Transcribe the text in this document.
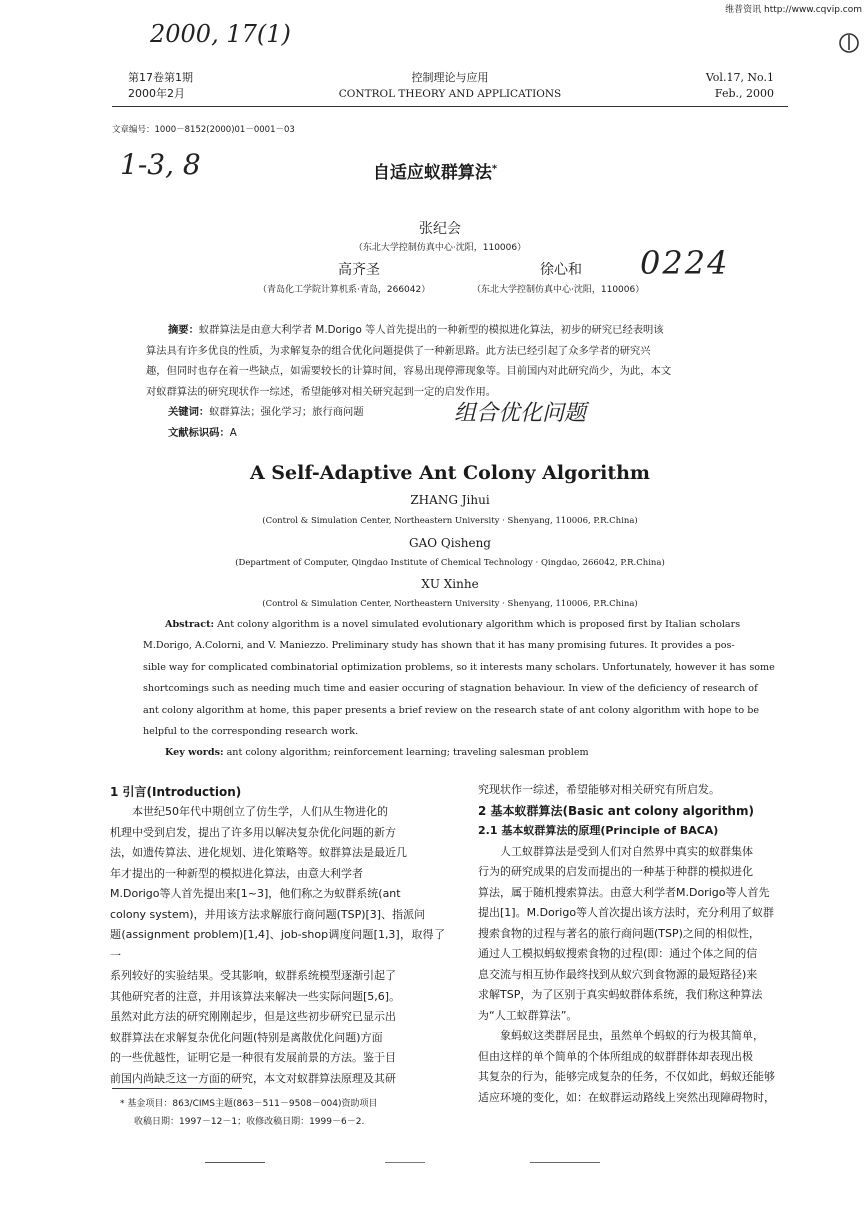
维普资讯 http://www.cqvip.com
2000, 17(1)
1-3, 8
0224
组合优化问题
第17卷第1期
2000年2月
控制理论与应用
CONTROL THEORY AND APPLICATIONS
Vol.17, No.1
Feb., 2000
文章编号：1000－8152(2000)01－0001－03
自适应蚁群算法*
张纪会
（东北大学控制仿真中心·沈阳，110006）
高齐圣	徐心和
（青岛化工学院计算机系·青岛，266042）	（东北大学控制仿真中心·沈阳，110006）
摘要：蚁群算法是由意大利学者 M.Dorigo 等人首先提出的一种新型的模拟进化算法，初步的研究已经表明该
算法具有许多优良的性质，为求解复杂的组合优化问题提供了一种新思路。此方法已经引起了众多学者的研究兴
趣，但同时也存在着一些缺点，如需要较长的计算时间，容易出现停滞现象等。目前国内对此研究尚少，为此，本文
对蚁群算法的研究现状作一综述，希望能够对相关研究起到一定的启发作用。
关键词：蚁群算法；强化学习；旅行商问题
文献标识码：A
A Self-Adaptive Ant Colony Algorithm
ZHANG Jihui
(Control & Simulation Center, Northeastern University · Shenyang, 110006, P.R.China)
GAO Qisheng
(Department of Computer, Qingdao Institute of Chemical Technology · Qingdao, 266042, P.R.China)
XU Xinhe
(Control & Simulation Center, Northeastern University · Shenyang, 110006, P.R.China)
Abstract: Ant colony algorithm is a novel simulated evolutionary algorithm which is proposed first by Italian scholars
M.Dorigo, A.Colorni, and V. Maniezzo. Preliminary study has shown that it has many promising futures. It provides a pos-
sible way for complicated combinatorial optimization problems, so it interests many scholars. Unfortunately, however it has some
shortcomings such as needing much time and easier occuring of stagnation behaviour. In view of the deficiency of research of
ant colony algorithm at home, this paper presents a brief review on the research state of ant colony algorithm with hope to be
helpful to the corresponding research work.
Key words: ant colony algorithm; reinforcement learning; traveling salesman problem
1 引言(Introduction)
本世纪50年代中期创立了仿生学，人们从生物进化的
机理中受到启发，提出了许多用以解决复杂优化问题的新方
法，如遗传算法、进化规划、进化策略等。蚁群算法是最近几
年才提出的一种新型的模拟进化算法，由意大利学者
M.Dorigo等人首先提出来[1~3]，他们称之为蚁群系统(ant
colony system)，并用该方法求解旅行商问题(TSP)[3]、指派问
题(assignment problem)[1,4]、job-shop调度问题[1,3]，取得了一
系列较好的实验结果。受其影响，蚁群系统模型逐渐引起了
其他研究者的注意，并用该算法来解决一些实际问题[5,6]。
虽然对此方法的研究刚刚起步，但是这些初步研究已显示出
蚁群算法在求解复杂优化问题(特别是离散优化问题)方面
的一些优越性，证明它是一种很有发展前景的方法。鉴于目
前国内尚缺乏这一方面的研究，本文对蚁群算法原理及其研
* 基金项目：863/CIMS主题(863－511－9508－004)资助项目
收稿日期：1997－12－1；收修改稿日期：1999－6－2.
究现状作一综述，希望能够对相关研究有所启发。
2 基本蚁群算法(Basic ant colony algorithm)
2.1 基本蚁群算法的原理(Principle of BACA)
人工蚁群算法是受到人们对自然界中真实的蚁群集体
行为的研究成果的启发而提出的一种基于种群的模拟进化
算法，属于随机搜索算法。由意大利学者M.Dorigo等人首先
提出[1]。M.Dorigo等人首次提出该方法时，充分利用了蚁群
搜索食物的过程与著名的旅行商问题(TSP)之间的相似性，
通过人工模拟蚂蚁搜索食物的过程(即：通过个体之间的信
息交流与相互协作最终找到从蚁穴到食物源的最短路径)来
求解TSP，为了区别于真实蚂蚁群体系统，我们称这种算法
为“人工蚁群算法”。
象蚂蚁这类群居昆虫，虽然单个蚂蚁的行为极其简单，
但由这样的单个简单的个体所组成的蚁群群体却表现出极
其复杂的行为，能够完成复杂的任务，不仅如此，蚂蚁还能够
适应环境的变化，如：在蚁群运动路线上突然出现障碍物时，
